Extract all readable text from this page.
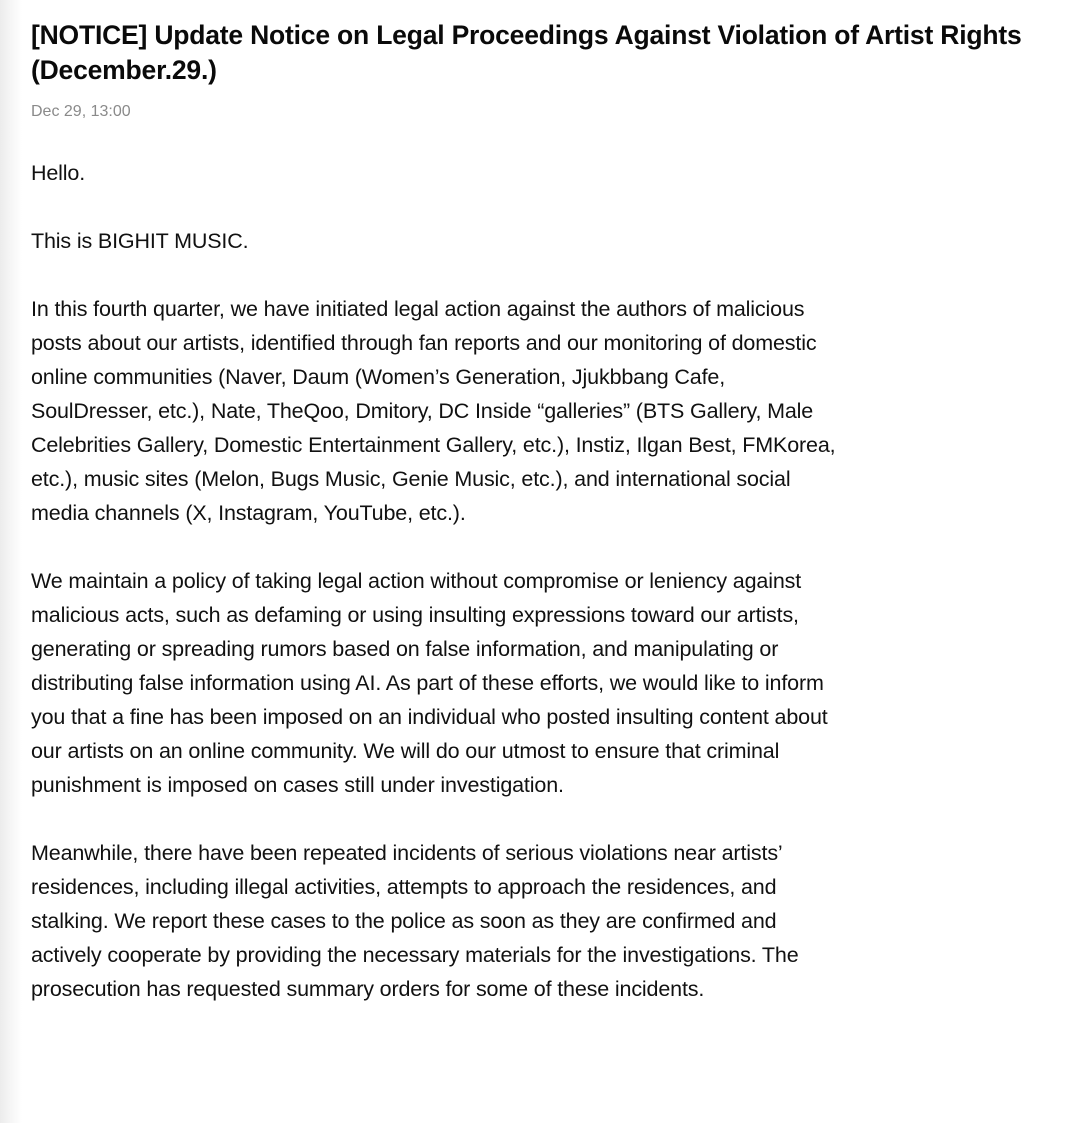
[NOTICE] Update Notice on Legal Proceedings Against Violation of Artist Rights (December.29.)
Dec 29, 13:00

Hello.

This is BIGHIT MUSIC.

In this fourth quarter, we have initiated legal action against the authors of malicious posts about our artists, identified through fan reports and our monitoring of domestic online communities (Naver, Daum (Women’s Generation, Jjukbbang Cafe, SoulDresser, etc.), Nate, TheQoo, Dmitory, DC Inside “galleries” (BTS Gallery, Male Celebrities Gallery, Domestic Entertainment Gallery, etc.), Instiz, Ilgan Best, FMKorea, etc.), music sites (Melon, Bugs Music, Genie Music, etc.), and international social media channels (X, Instagram, YouTube, etc.).

We maintain a policy of taking legal action without compromise or leniency against malicious acts, such as defaming or using insulting expressions toward our artists, generating or spreading rumors based on false information, and manipulating or distributing false information using AI. As part of these efforts, we would like to inform you that a fine has been imposed on an individual who posted insulting content about our artists on an online community. We will do our utmost to ensure that criminal punishment is imposed on cases still under investigation.

Meanwhile, there have been repeated incidents of serious violations near artists’ residences, including illegal activities, attempts to approach the residences, and stalking. We report these cases to the police as soon as they are confirmed and actively cooperate by providing the necessary materials for the investigations. The prosecution has requested summary orders for some of these incidents.
